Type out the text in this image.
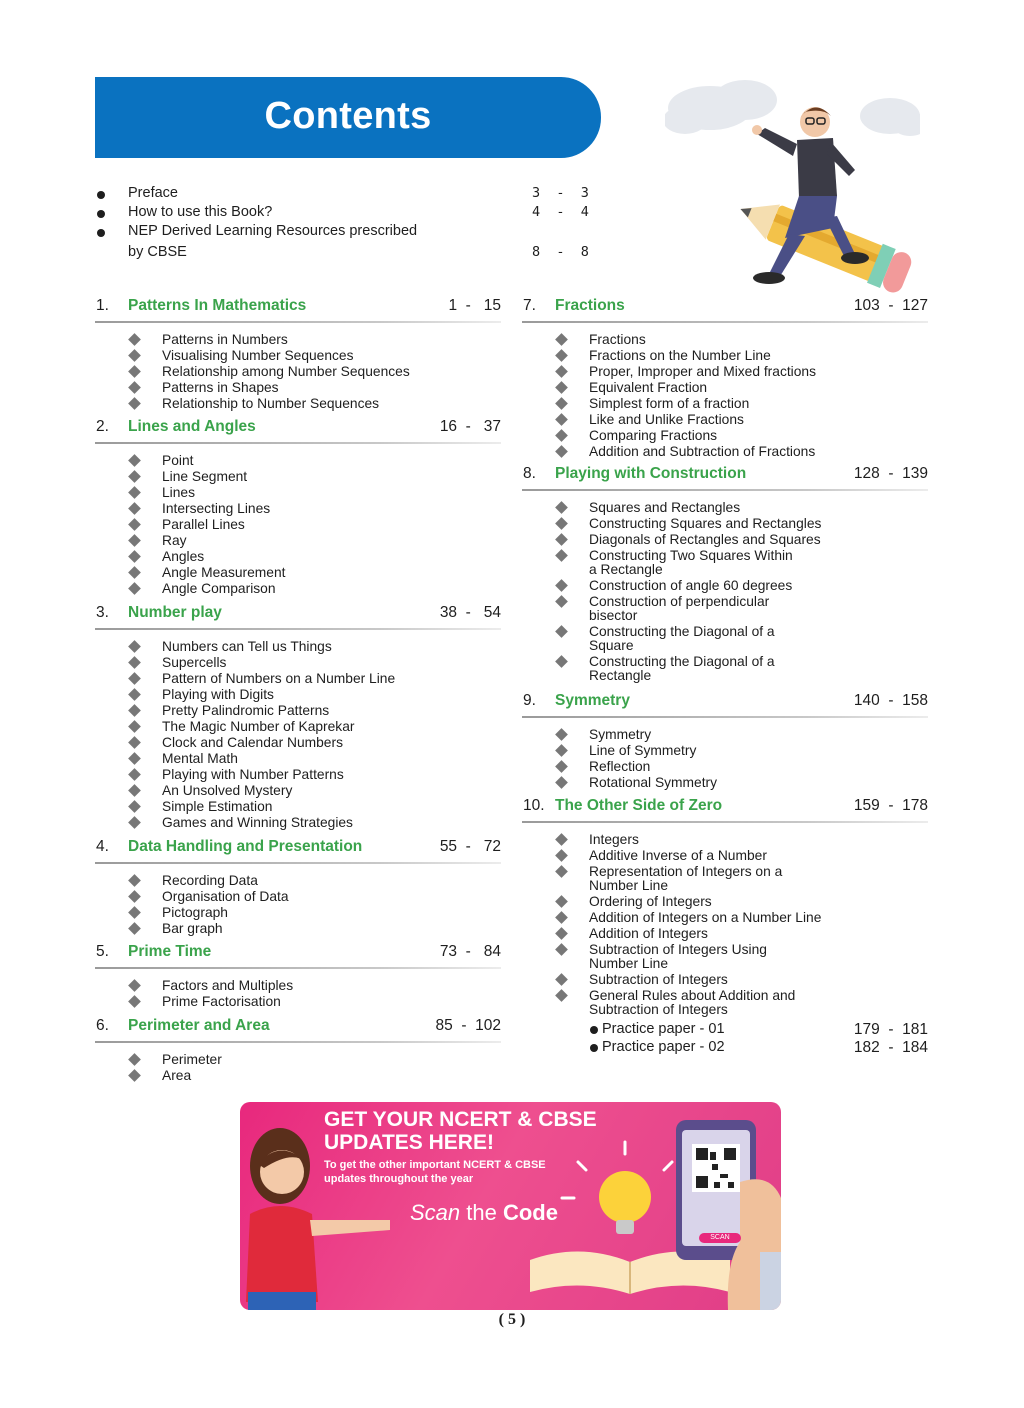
Contents
Preface	3  -  3
How to use this Book?	4  -  4
NEP Derived Learning Resources prescribed
by CBSE	8  -  8
1. Patterns In Mathematics	1  -   15
Patterns in Numbers
Visualising Number Sequences
Relationship among Number Sequences
Patterns in Shapes
Relationship to Number Sequences
2. Lines and Angles	16  -   37
Point
Line Segment
Lines
Intersecting Lines
Parallel Lines
Ray
Angles
Angle Measurement
Angle Comparison
3. Number play	38  -   54
Numbers can Tell us Things
Supercells
Pattern of Numbers on a Number Line
Playing with Digits
Pretty Palindromic Patterns
The Magic Number of Kaprekar
Clock and Calendar Numbers
Mental Math
Playing with Number Patterns
An Unsolved Mystery
Simple Estimation
Games and Winning Strategies
4. Data Handling and Presentation	55  -   72
Recording Data
Organisation of Data
Pictograph
Bar graph
5. Prime Time	73  -   84
Factors and Multiples
Prime Factorisation
6. Perimeter and Area	85  -  102
Perimeter
Area
7. Fractions	103  -  127
Fractions
Fractions on the Number Line
Proper, Improper and Mixed fractions
Equivalent Fraction
Simplest form of a fraction
Like and Unlike Fractions
Comparing Fractions
Addition and Subtraction of Fractions
8. Playing with Construction	128  -  139
Squares and Rectangles
Constructing Squares and Rectangles
Diagonals of Rectangles and Squares
Constructing Two Squares Within
a Rectangle
Construction of angle 60 degrees
Construction of perpendicular
bisector
Constructing the Diagonal of a
Square
Constructing the Diagonal of a
Rectangle
9. Symmetry	140  -  158
Symmetry
Line of Symmetry
Reflection
Rotational Symmetry
10. The Other Side of Zero	159  -  178
Integers
Additive Inverse of a Number
Representation of Integers on a
Number Line
Ordering of Integers
Addition of Integers on a Number Line
Addition of Integers
Subtraction of Integers Using
Number Line
Subtraction of Integers
General Rules about Addition and
Subtraction of Integers
Practice paper - 01	179  -  181
Practice paper - 02	182  -  184
GET YOUR NCERT & CBSE
UPDATES HERE!
To get the other important NCERT & CBSE
updates throughout the year
Scan the Code
SCAN
( 5 )
